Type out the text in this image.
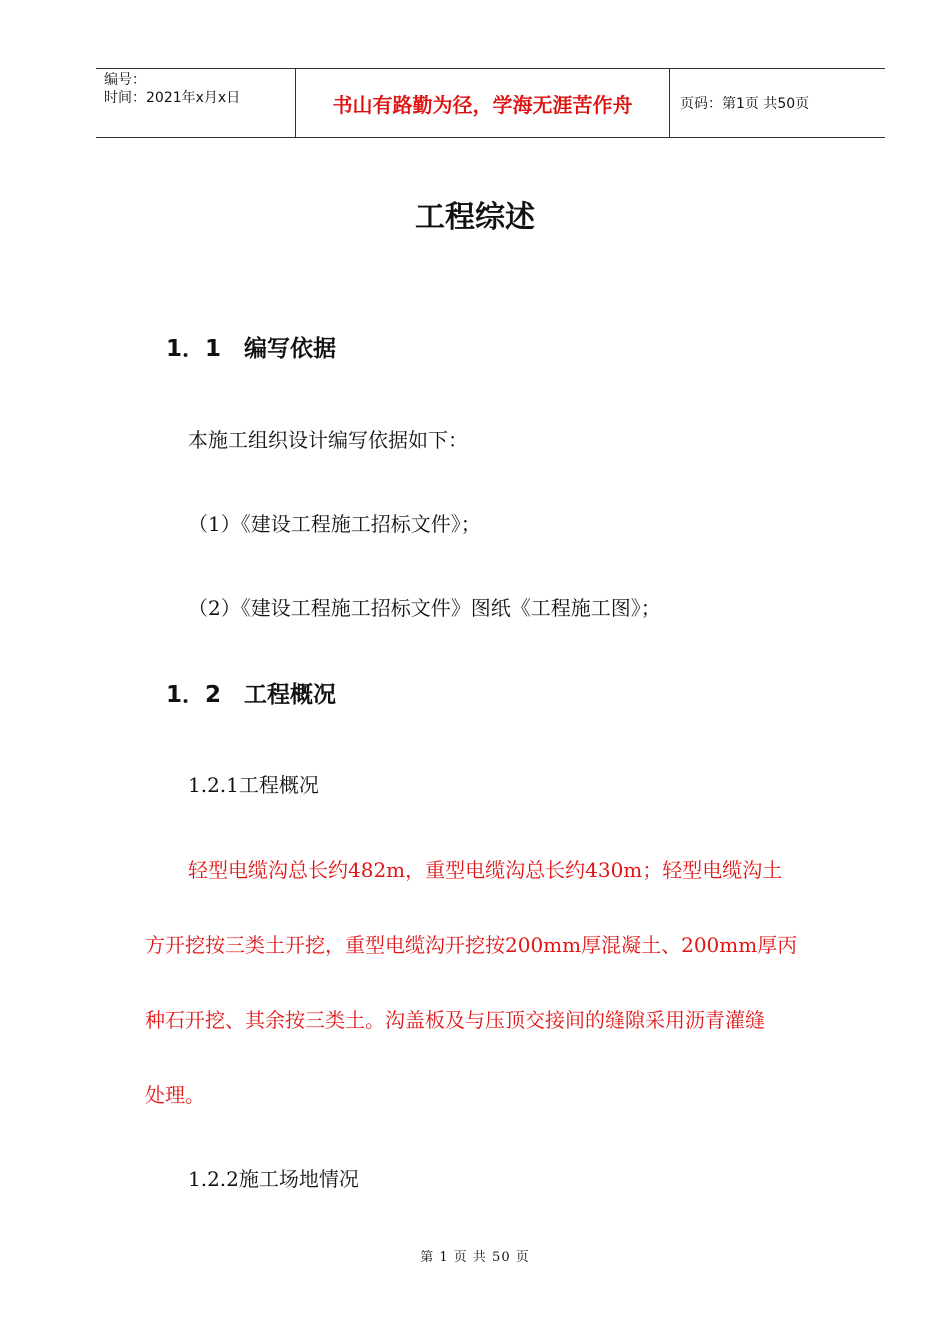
编号：
时间：2021年x月x日	书山有路勤为径，学海无涯苦作舟	页码：第1页 共50页
工程综述
1．1 编写依据
本施工组织设计编写依据如下：
（1）《建设工程施工招标文件》；
（2）《建设工程施工招标文件》图纸《工程施工图》；
1．2 工程概况
1.2.1工程概况
轻型电缆沟总长约482m，重型电缆沟总长约430m；轻型电缆沟土
方开挖按三类土开挖，重型电缆沟开挖按200mm厚混凝土、200mm厚丙
种石开挖、其余按三类土。沟盖板及与压顶交接间的缝隙采用沥青灌缝
处理。
1.2.2施工场地情况
第 1 页 共 50 页
